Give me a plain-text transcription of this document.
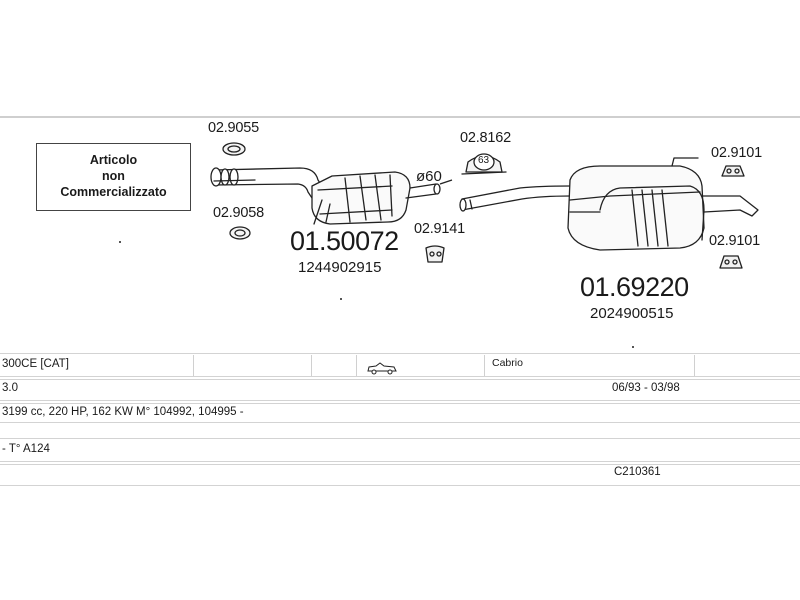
Articolo
non
Commercializzato
02.9055
02.9058
01.50072
1244902915
ø60
02.9141
02.8162
63
01.69220
2024900515
02.9101
02.9101
300CE [CAT]	Cabrio
3.0	06/93 - 03/98
3199 cc, 220 HP, 162 KW M° 104992, 104995 -
- T° A124
C210361
